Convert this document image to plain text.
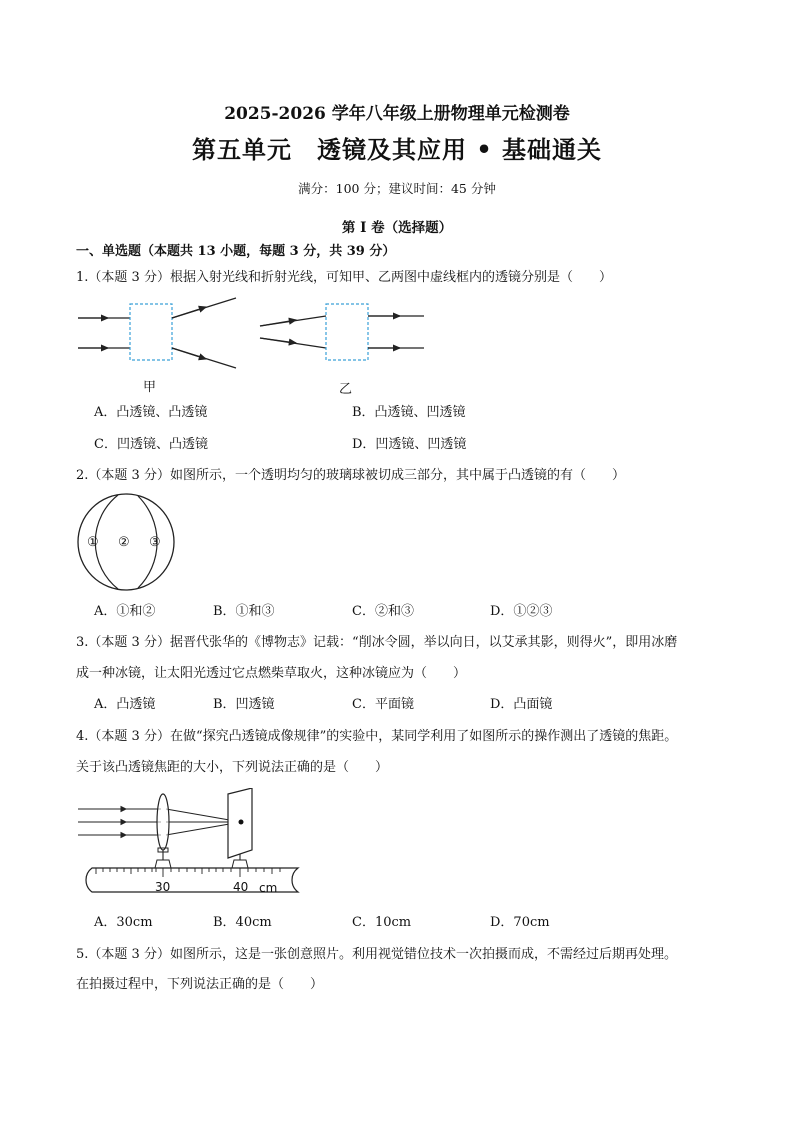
2025-2026 学年八年级上册物理单元检测卷
第五单元　透镜及其应用 • 基础通关
满分：100 分；建议时间：45 分钟
第 I 卷（选择题）
一、单选题（本题共 13 小题，每题 3 分，共 39 分）
1.（本题 3 分）根据入射光线和折射光线，可知甲、乙两图中虚线框内的透镜分别是（　　）
甲	乙
A．凸透镜、凸透镜	B．凸透镜、凹透镜
C．凹透镜、凸透镜	D．凹透镜、凹透镜
2.（本题 3 分）如图所示，一个透明均匀的玻璃球被切成三部分，其中属于凸透镜的有（　　）
① ② ③
A．①和②	B．①和③	C．②和③	D．①②③
3.（本题 3 分）据晋代张华的《博物志》记载：“削冰令圆，举以向日，以艾承其影，则得火”，即用冰磨
成一种冰镜，让太阳光透过它点燃柴草取火，这种冰镜应为（　　）
A．凸透镜	B．凹透镜	C．平面镜	D．凸面镜
4.（本题 3 分）在做“探究凸透镜成像规律”的实验中，某同学利用了如图所示的操作测出了透镜的焦距。
关于该凸透镜焦距的大小，下列说法正确的是（　　）
30	40 cm
A．30cm	B．40cm	C．10cm	D．70cm
5.（本题 3 分）如图所示，这是一张创意照片。利用视觉错位技术一次拍摄而成，不需经过后期再处理。
在拍摄过程中，下列说法正确的是（　　）
